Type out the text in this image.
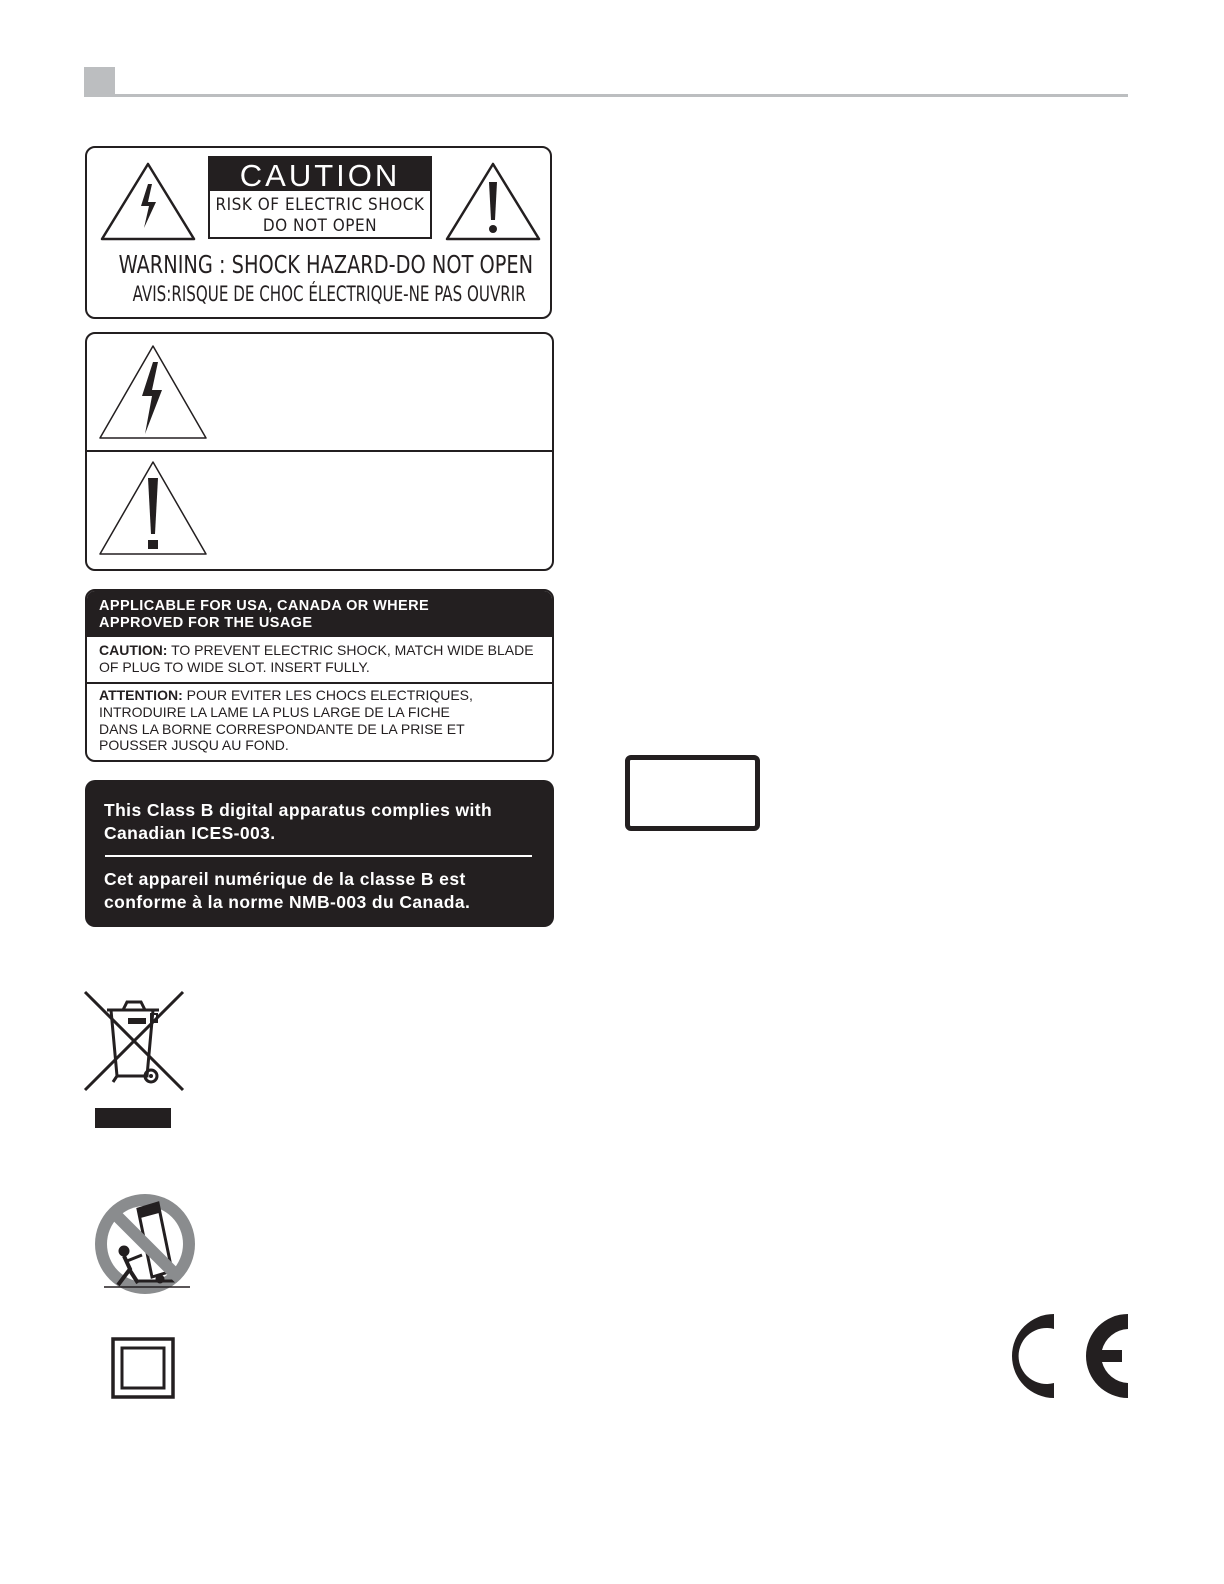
CAUTION
RISK OF ELECTRIC SHOCK
DO NOT OPEN
WARNING : SHOCK HAZARD-DO NOT OPEN
AVIS:RISQUE DE CHOC ÉLECTRIQUE-NE PAS OUVRIR
APPLICABLE FOR USA, CANADA OR WHERE
APPROVED FOR THE USAGE
CAUTION: TO PREVENT ELECTRIC SHOCK, MATCH WIDE BLADE
OF PLUG TO WIDE SLOT. INSERT FULLY.
ATTENTION: POUR EVITER LES CHOCS ELECTRIQUES,
INTRODUIRE LA LAME LA PLUS LARGE DE LA FICHE
DANS LA BORNE CORRESPONDANTE DE LA PRISE ET
POUSSER JUSQU AU FOND.
This Class B digital apparatus complies with
Canadian ICES-003.
Cet appareil numérique de la classe B est
conforme à la norme NMB-003 du Canada.
